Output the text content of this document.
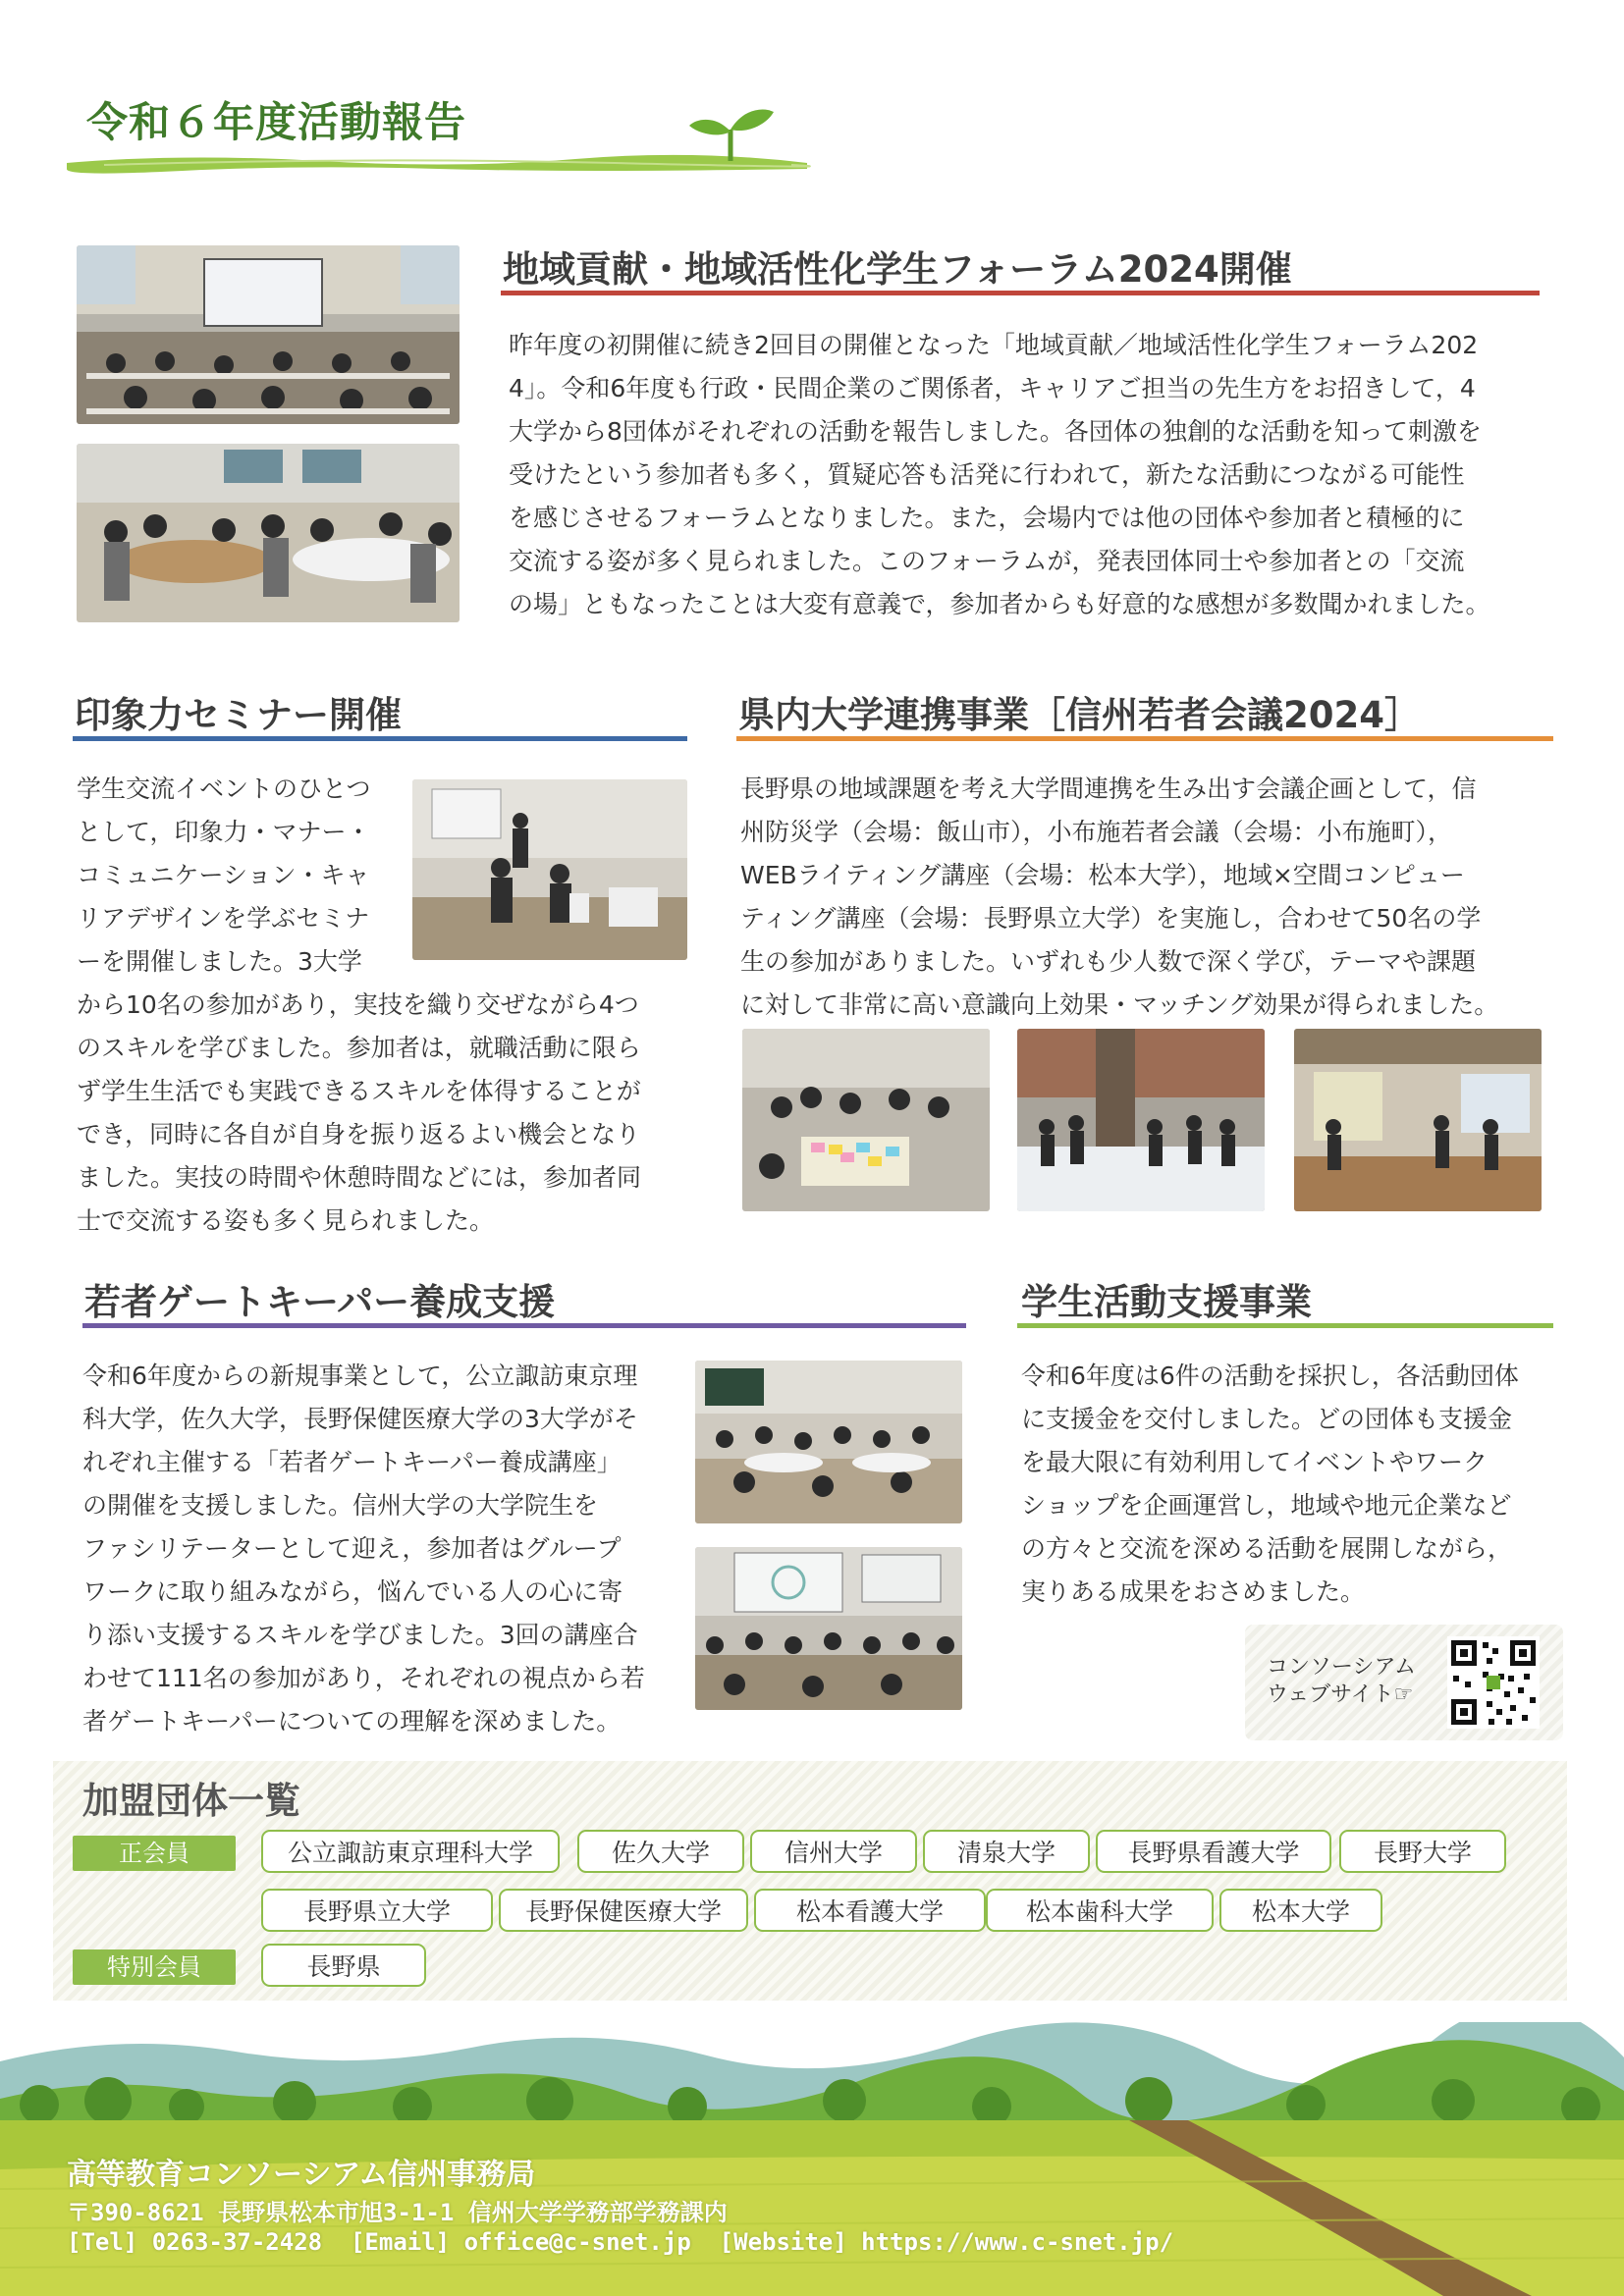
令和６年度活動報告
地域貢献・地域活性化学生フォーラム2024開催

昨年度の初開催に続き2回目の開催となった「地域貢献／地域活性化学生フォーラム202

4」。令和6年度も行政・民間企業のご関係者，キャリアご担当の先生方をお招きして，4

大学から8団体がそれぞれの活動を報告しました。各団体の独創的な活動を知って刺激を

受けたという参加者も多く，質疑応答も活発に行われて，新たな活動につながる可能性

を感じさせるフォーラムとなりました。また，会場内では他の団体や参加者と積極的に

交流する姿が多く見られました。このフォーラムが，発表団体同士や参加者との「交流

の場」ともなったことは大変有意義で，参加者からも好意的な感想が多数聞かれました。

印象力セミナー開催

学生交流イベントのひとつ

として，印象力・マナー・

コミュニケーション・キャ

リアデザインを学ぶセミナ

ーを開催しました。3大学

から10名の参加があり，実技を織り交ぜながら4つ

のスキルを学びました。参加者は，就職活動に限ら

ず学生生活でも実践できるスキルを体得することが

でき，同時に各自が自身を振り返るよい機会となり

ました。実技の時間や休憩時間などには，参加者同

士で交流する姿も多く見られました。

県内大学連携事業［信州若者会議2024］

長野県の地域課題を考え大学間連携を生み出す会議企画として，信

州防災学（会場：飯山市），小布施若者会議（会場：小布施町），

WEBライティング講座（会場：松本大学），地域×空間コンピュー

ティング講座（会場：長野県立大学）を実施し，合わせて50名の学

生の参加がありました。いずれも少人数で深く学び，テーマや課題

に対して非常に高い意識向上効果・マッチング効果が得られました。

若者ゲートキーパー養成支援

令和6年度からの新規事業として，公立諏訪東京理

科大学，佐久大学，長野保健医療大学の3大学がそ

れぞれ主催する「若者ゲートキーパー養成講座」

の開催を支援しました。信州大学の大学院生を

ファシリテーターとして迎え，参加者はグループ

ワークに取り組みながら，悩んでいる人の心に寄

り添い支援するスキルを学びました。3回の講座合

わせて111名の参加があり，それぞれの視点から若

者ゲートキーパーについての理解を深めました。

学生活動支援事業

令和6年度は6件の活動を採択し，各活動団体

に支援金を交付しました。どの団体も支援金

を最大限に有効利用してイベントやワーク

ショップを企画運営し，地域や地元企業など

の方々と交流を深める活動を展開しながら，

実りある成果をおさめました。

コンソーシアム
ウェブサイト☞
加盟団体一覧
正会員	公立諏訪東京理科大学	佐久大学	信州大学	清泉大学	長野県看護大学	長野大学
長野県立大学	長野保健医療大学	松本看護大学	松本歯科大学	松本大学
特別会員	長野県
高等教育コンソーシアム信州事務局
〒390-8621 長野県松本市旭3-1-1 信州大学学務部学務課内
[Tel] 0263-37-2428  [Email] office@c-snet.jp  [Website] https://www.c-snet.jp/
